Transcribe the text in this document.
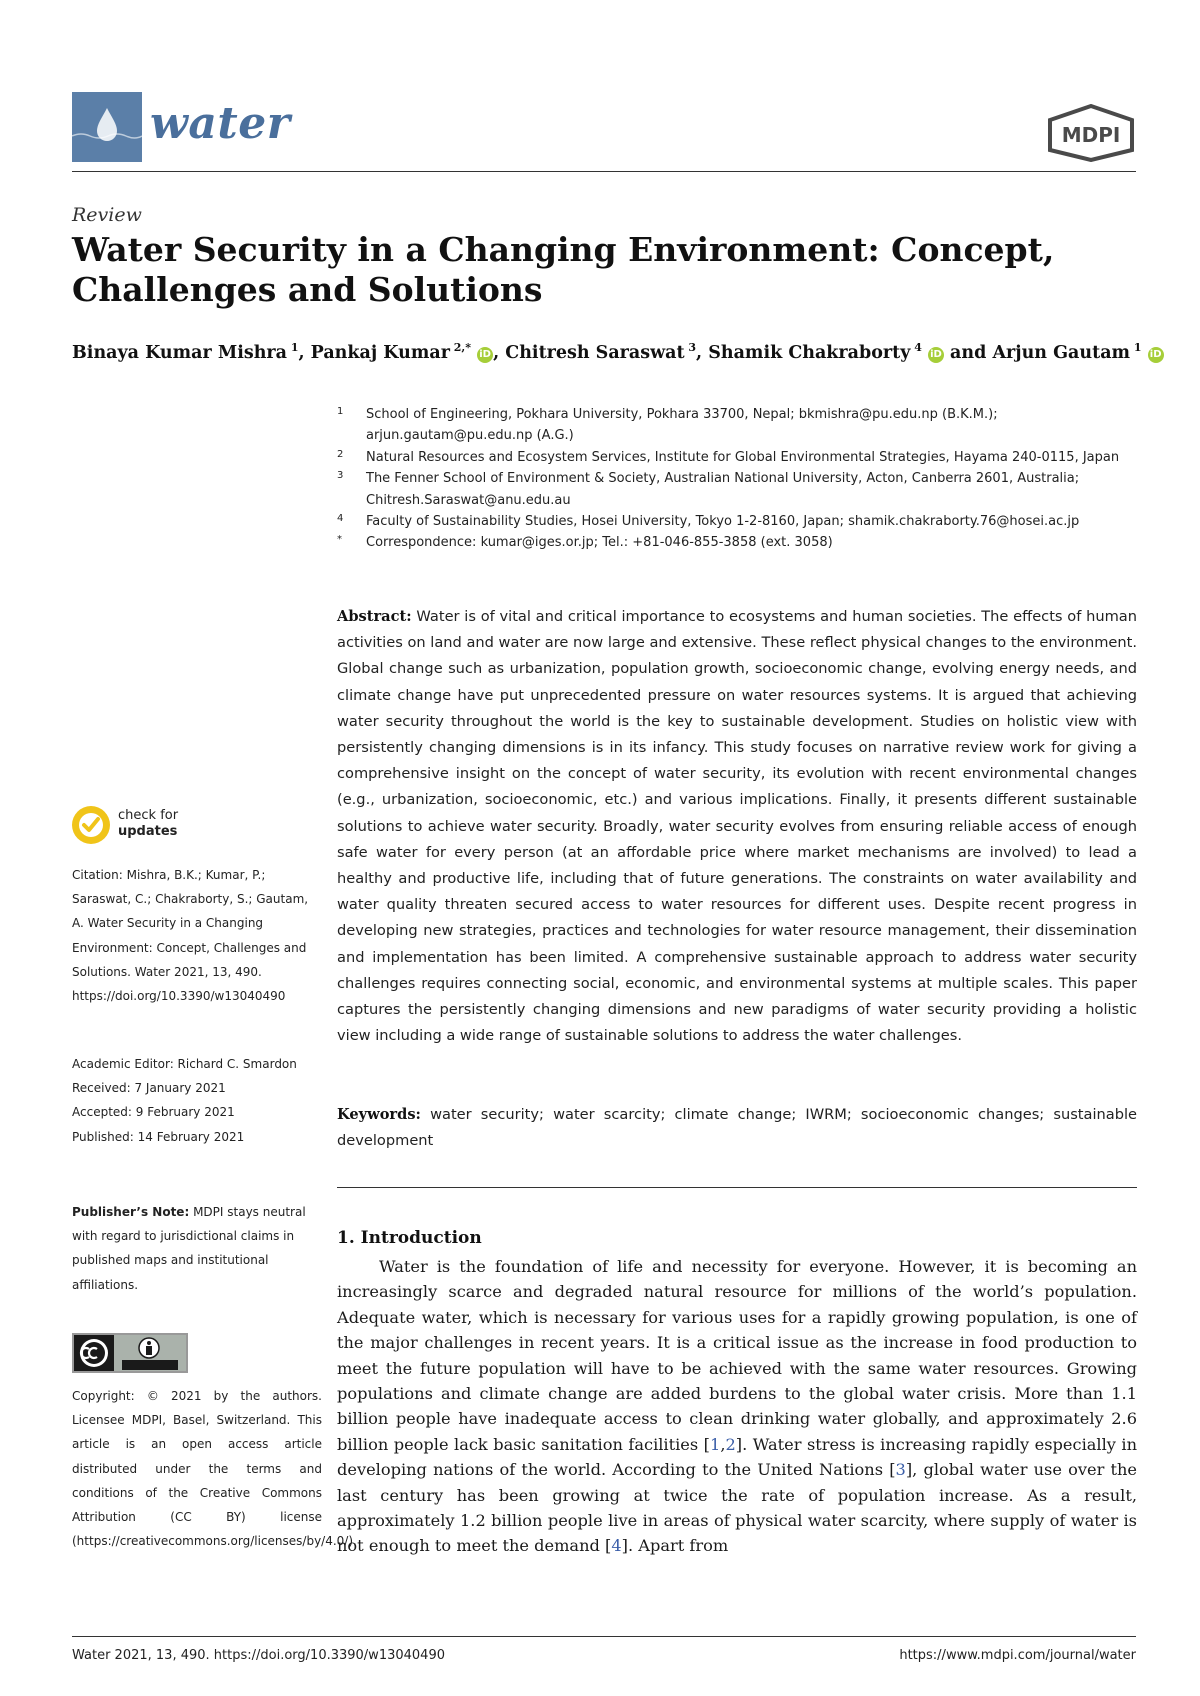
water	MDPI
Review
Water Security in a Changing Environment: Concept, Challenges and Solutions
Binaya Kumar Mishra $^1$, Pankaj Kumar $^{2,*}$ iD , Chitresh Saraswat $^3$, Shamik Chakraborty $^4$ iD and Arjun Gautam $^1$ iD
1 School of Engineering, Pokhara University, Pokhara 33700, Nepal; bkmishra@pu.edu.np (B.K.M.); arjun.gautam@pu.edu.np (A.G.)
2 Natural Resources and Ecosystem Services, Institute for Global Environmental Strategies, Hayama 240-0115, Japan
3 The Fenner School of Environment & Society, Australian National University, Acton, Canberra 2601, Australia; Chitresh.Saraswat@anu.edu.au
4 Faculty of Sustainability Studies, Hosei University, Tokyo 1-2-8160, Japan; shamik.chakraborty.76@hosei.ac.jp
* Correspondence: kumar@iges.or.jp; Tel.: +81-046-855-3858 (ext. 3058)

Abstract: Water is of vital and critical importance to ecosystems and human societies. The effects of human activities on land and water are now large and extensive. These reflect physical changes to the environment. Global change such as urbanization, population growth, socioeconomic change, evolving energy needs, and climate change have put unprecedented pressure on water resources systems. It is argued that achieving water security throughout the world is the key to sustainable development. Studies on holistic view with persistently changing dimensions is in its infancy. This study focuses on narrative review work for giving a comprehensive insight on the concept of water security, its evolution with recent environmental changes (e.g., urbanization, socioeconomic, etc.) and various implications. Finally, it presents different sustainable solutions to achieve water security. Broadly, water security evolves from ensuring reliable access of enough safe water for every person (at an affordable price where market mechanisms are involved) to lead a healthy and productive life, including that of future generations. The constraints on water availability and water quality threaten secured access to water resources for different uses. Despite recent progress in developing new strategies, practices and technologies for water resource management, their dissemination and implementation has been limited. A comprehensive sustainable approach to address water security challenges requires connecting social, economic, and environmental systems at multiple scales. This paper captures the persistently changing dimensions and new paradigms of water security providing a holistic view including a wide range of sustainable solutions to address the water challenges.

Keywords: water security; water scarcity; climate change; IWRM; socioeconomic changes; sustainable development

1. Introduction

Water is the foundation of life and necessity for everyone. However, it is becoming an increasingly scarce and degraded natural resource for millions of the world’s population. Adequate water, which is necessary for various uses for a rapidly growing population, is one of the major challenges in recent years. It is a critical issue as the increase in food production to meet the future population will have to be achieved with the same water resources. Growing populations and climate change are added burdens to the global water crisis. More than 1.1 billion people have inadequate access to clean drinking water globally, and approximately 2.6 billion people lack basic sanitation facilities [1,2]. Water stress is increasing rapidly especially in developing nations of the world. According to the United Nations [3], global water use over the last century has been growing at twice the rate of population increase. As a result, approximately 1.2 billion people live in areas of physical water scarcity, where supply of water is not enough to meet the demand [4]. Apart from

check for
updates
Citation: Mishra, B.K.; Kumar, P.; Saraswat, C.; Chakraborty, S.; Gautam, A. Water Security in a Changing Environment: Concept, Challenges and Solutions. Water 2021, 13, 490. https://doi.org/10.3390/w13040490
Academic Editor: Richard C. Smardon
Received: 7 January 2021
Accepted: 9 February 2021
Published: 14 February 2021
Publisher’s Note: MDPI stays neutral with regard to jurisdictional claims in published maps and institutional affiliations.
Copyright: © 2021 by the authors. Licensee MDPI, Basel, Switzerland. This article is an open access article distributed under the terms and conditions of the Creative Commons Attribution (CC BY) license (https://creativecommons.org/licenses/by/4.0/).
Water 2021, 13, 490. https://doi.org/10.3390/w13040490	https://www.mdpi.com/journal/water
